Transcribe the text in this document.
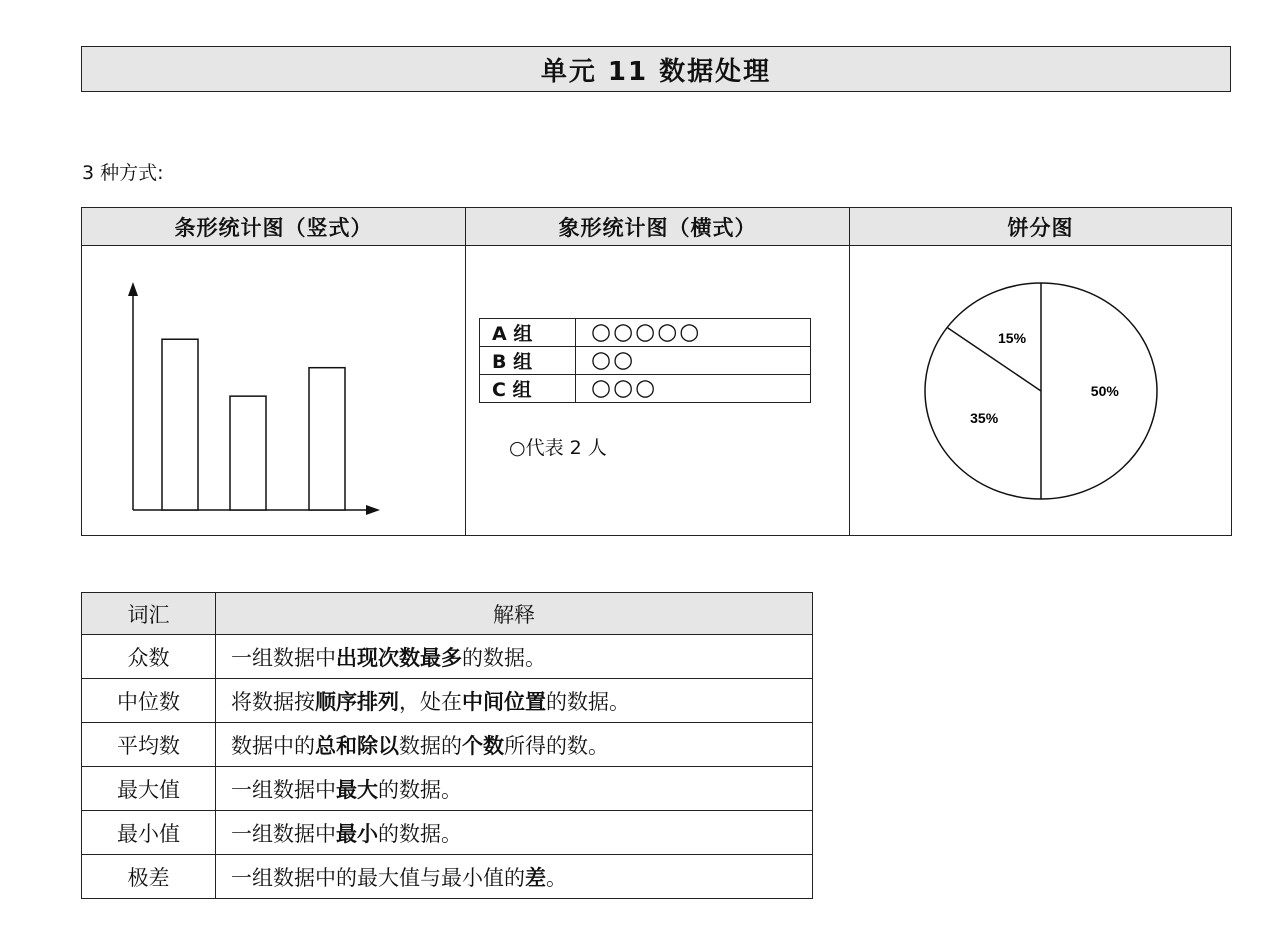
单元 11 数据处理
3 种方式:
条形统计图（竖式）	象形统计图（横式）	饼分图

A 组	○○○○○
B 组	○○
C 组	○○○
○代表 2 人

50%
35%
15%
词汇	解释
众数	一组数据中出现次数最多的数据。
中位数	将数据按顺序排列，处在中间位置的数据。
平均数	数据中的总和除以数据的个数所得的数。
最大值	一组数据中最大的数据。
最小值	一组数据中最小的数据。
极差	一组数据中的最大值与最小值的差。
